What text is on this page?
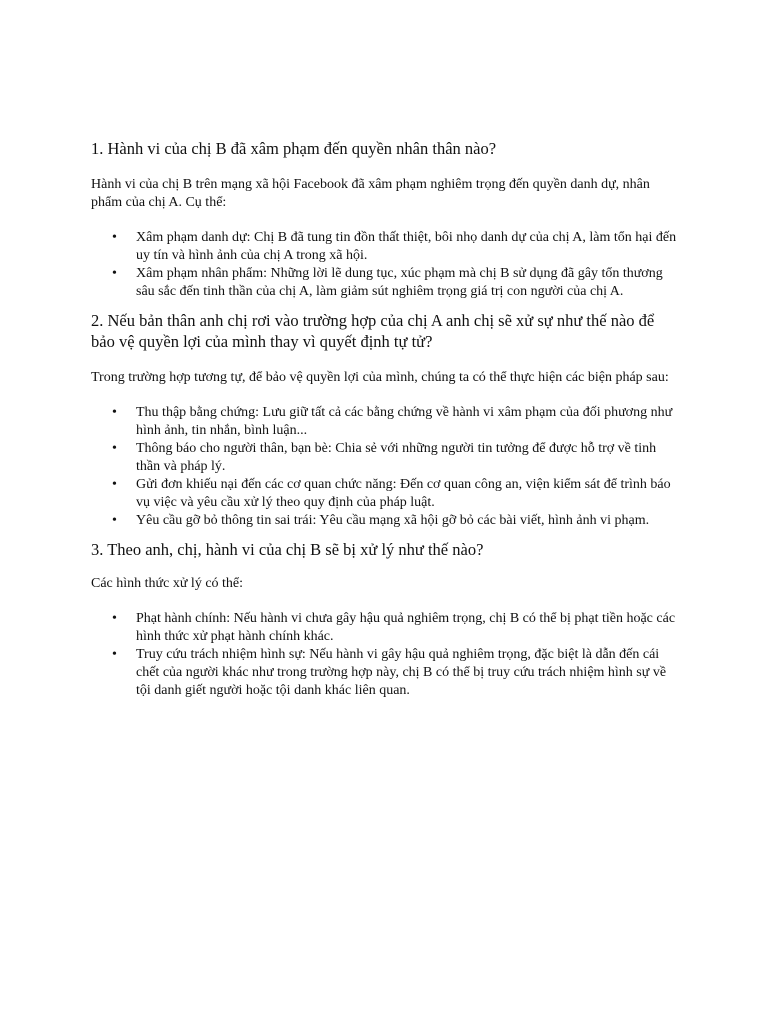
1. Hành vi của chị B đã xâm phạm đến quyền nhân thân nào?

Hành vi của chị B trên mạng xã hội Facebook đã xâm phạm nghiêm trọng đến quyền danh dự, nhân phẩm của chị A. Cụ thể:

• Xâm phạm danh dự: Chị B đã tung tin đồn thất thiệt, bôi nhọ danh dự của chị A, làm tổn hại đến uy tín và hình ảnh của chị A trong xã hội.
• Xâm phạm nhân phẩm: Những lời lẽ dung tục, xúc phạm mà chị B sử dụng đã gây tổn thương sâu sắc đến tinh thần của chị A, làm giảm sút nghiêm trọng giá trị con người của chị A.
2. Nếu bản thân anh chị rơi vào trường hợp của chị A anh chị sẽ xử sự như thế nào để bảo vệ quyền lợi của mình thay vì quyết định tự tử?

Trong trường hợp tương tự, để bảo vệ quyền lợi của mình, chúng ta có thể thực hiện các biện pháp sau:

• Thu thập bằng chứng: Lưu giữ tất cả các bằng chứng về hành vi xâm phạm của đối phương như hình ảnh, tin nhắn, bình luận...
• Thông báo cho người thân, bạn bè: Chia sẻ với những người tin tưởng để được hỗ trợ về tinh thần và pháp lý.
• Gửi đơn khiếu nại đến các cơ quan chức năng: Đến cơ quan công an, viện kiểm sát để trình báo vụ việc và yêu cầu xử lý theo quy định của pháp luật.
• Yêu cầu gỡ bỏ thông tin sai trái: Yêu cầu mạng xã hội gỡ bỏ các bài viết, hình ảnh vi phạm.
3. Theo anh, chị, hành vi của chị B sẽ bị xử lý như thế nào?

Các hình thức xử lý có thể:

• Phạt hành chính: Nếu hành vi chưa gây hậu quả nghiêm trọng, chị B có thể bị phạt tiền hoặc các hình thức xử phạt hành chính khác.
• Truy cứu trách nhiệm hình sự: Nếu hành vi gây hậu quả nghiêm trọng, đặc biệt là dẫn đến cái chết của người khác như trong trường hợp này, chị B có thể bị truy cứu trách nhiệm hình sự về tội danh giết người hoặc tội danh khác liên quan.
